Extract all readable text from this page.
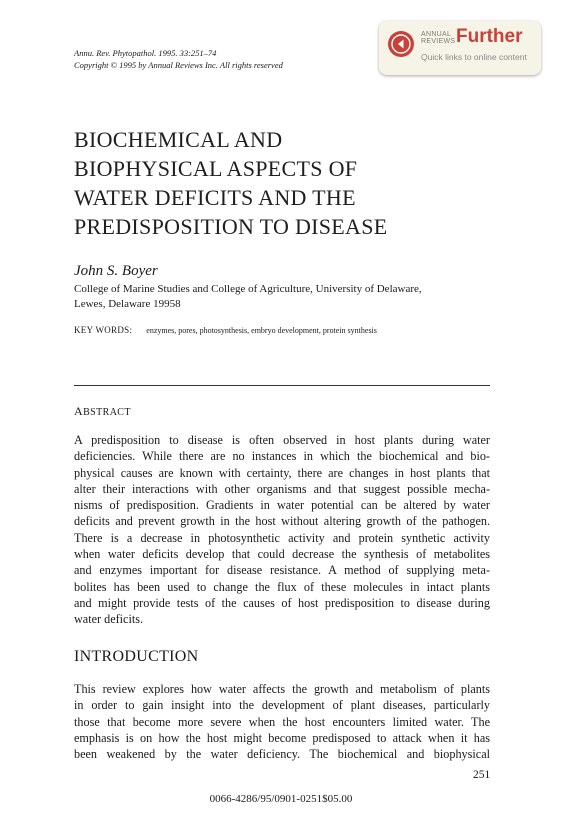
Annu. Rev. Phytopathol. 1995. 33:251–74
Copyright © 1995 by Annual Reviews Inc. All rights reserved
ANNUAL
REVIEWS Further
Quick links to online content
BIOCHEMICAL AND
BIOPHYSICAL ASPECTS OF
WATER DEFICITS AND THE
PREDISPOSITION TO DISEASE
John S. Boyer
College of Marine Studies and College of Agriculture, University of Delaware,
Lewes, Delaware 19958
KEY WORDS: enzymes, pores, photosynthesis, embryo development, protein synthesis
ABSTRACT

A predisposition to disease is often observed in host plants during water

deficiencies. While there are no instances in which the biochemical and bio-

physical causes are known with certainty, there are changes in host plants that

alter their interactions with other organisms and that suggest possible mecha-

nisms of predisposition. Gradients in water potential can be altered by water

deficits and prevent growth in the host without altering growth of the pathogen.

There is a decrease in photosynthetic activity and protein synthetic activity

when water deficits develop that could decrease the synthesis of metabolites

and enzymes important for disease resistance. A method of supplying meta-

bolites has been used to change the flux of these molecules in intact plants

and might provide tests of the causes of host predisposition to disease during

water deficits.

INTRODUCTION

This review explores how water affects the growth and metabolism of plants

in order to gain insight into the development of plant diseases, particularly

those that become more severe when the host encounters limited water. The

emphasis is on how the host might become predisposed to attack when it has

been weakened by the water deficiency. The biochemical and biophysical

251
0066-4286/95/0901-0251$05.00
